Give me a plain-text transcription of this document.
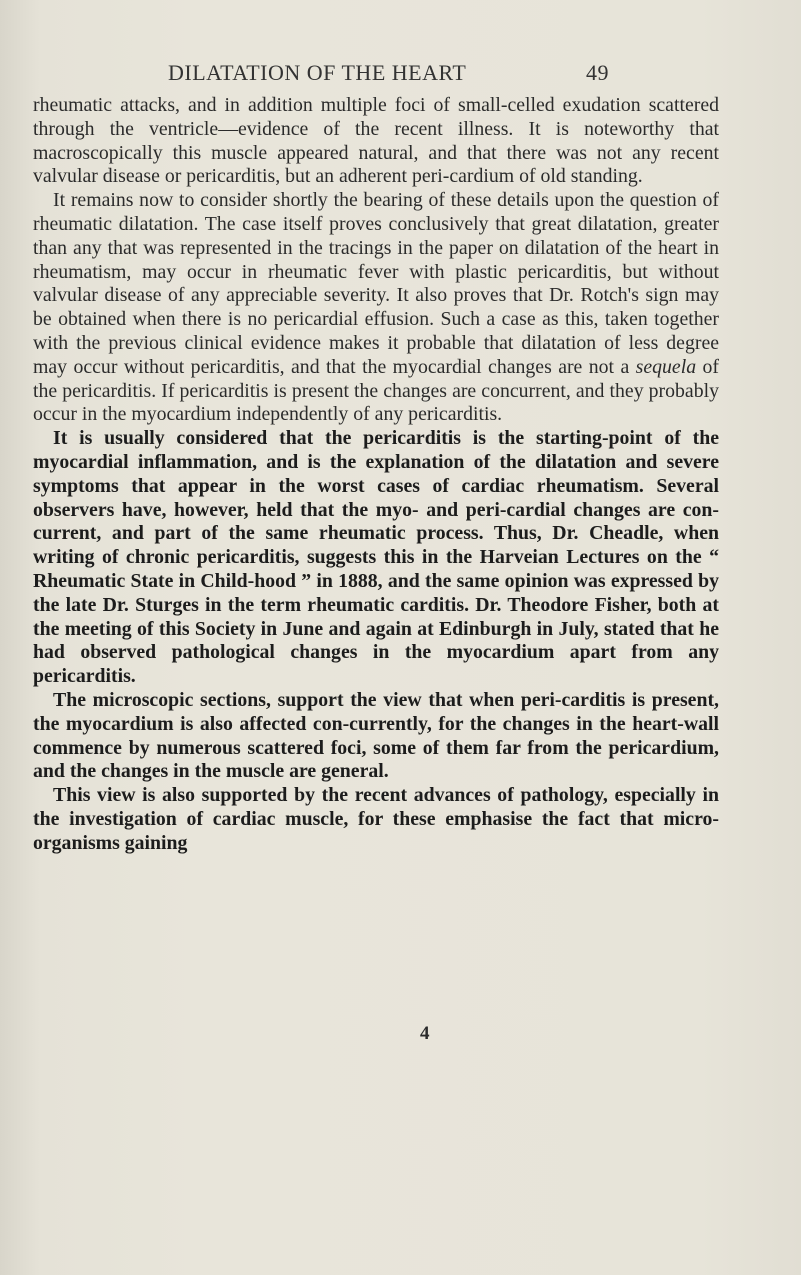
DILATATION OF THE HEART	49

rheumatic attacks, and in addition multiple foci of small-celled exudation scattered through the ventricle—evidence of the recent illness. It is noteworthy that macroscopically this muscle appeared natural, and that there was not any recent valvular disease or pericarditis, but an adherent peri-cardium of old standing.

It remains now to consider shortly the bearing of these details upon the question of rheumatic dilatation. The case itself proves conclusively that great dilatation, greater than any that was represented in the tracings in the paper on dilatation of the heart in rheumatism, may occur in rheumatic fever with plastic pericarditis, but without valvular disease of any appreciable severity. It also proves that Dr. Rotch's sign may be obtained when there is no pericardial effusion. Such a case as this, taken together with the previous clinical evidence makes it probable that dilatation of less degree may occur without pericarditis, and that the myocardial changes are not a sequela of the pericarditis. If pericarditis is present the changes are concurrent, and they probably occur in the myocardium independently of any pericarditis.

It is usually considered that the pericarditis is the starting-point of the myocardial inflammation, and is the explanation of the dilatation and severe symptoms that appear in the worst cases of cardiac rheumatism. Several observers have, however, held that the myo- and peri-cardial changes are con-current, and part of the same rheumatic process. Thus, Dr. Cheadle, when writing of chronic pericarditis, suggests this in the Harveian Lectures on the “ Rheumatic State in Child-hood ” in 1888, and the same opinion was expressed by the late Dr. Sturges in the term rheumatic carditis. Dr. Theodore Fisher, both at the meeting of this Society in June and again at Edinburgh in July, stated that he had observed pathological changes in the myocardium apart from any pericarditis.

The microscopic sections, support the view that when peri-carditis is present, the myocardium is also affected con-currently, for the changes in the heart-wall commence by numerous scattered foci, some of them far from the pericardium, and the changes in the muscle are general.

This view is also supported by the recent advances of pathology, especially in the investigation of cardiac muscle, for these emphasise the fact that micro-organisms gaining

4
